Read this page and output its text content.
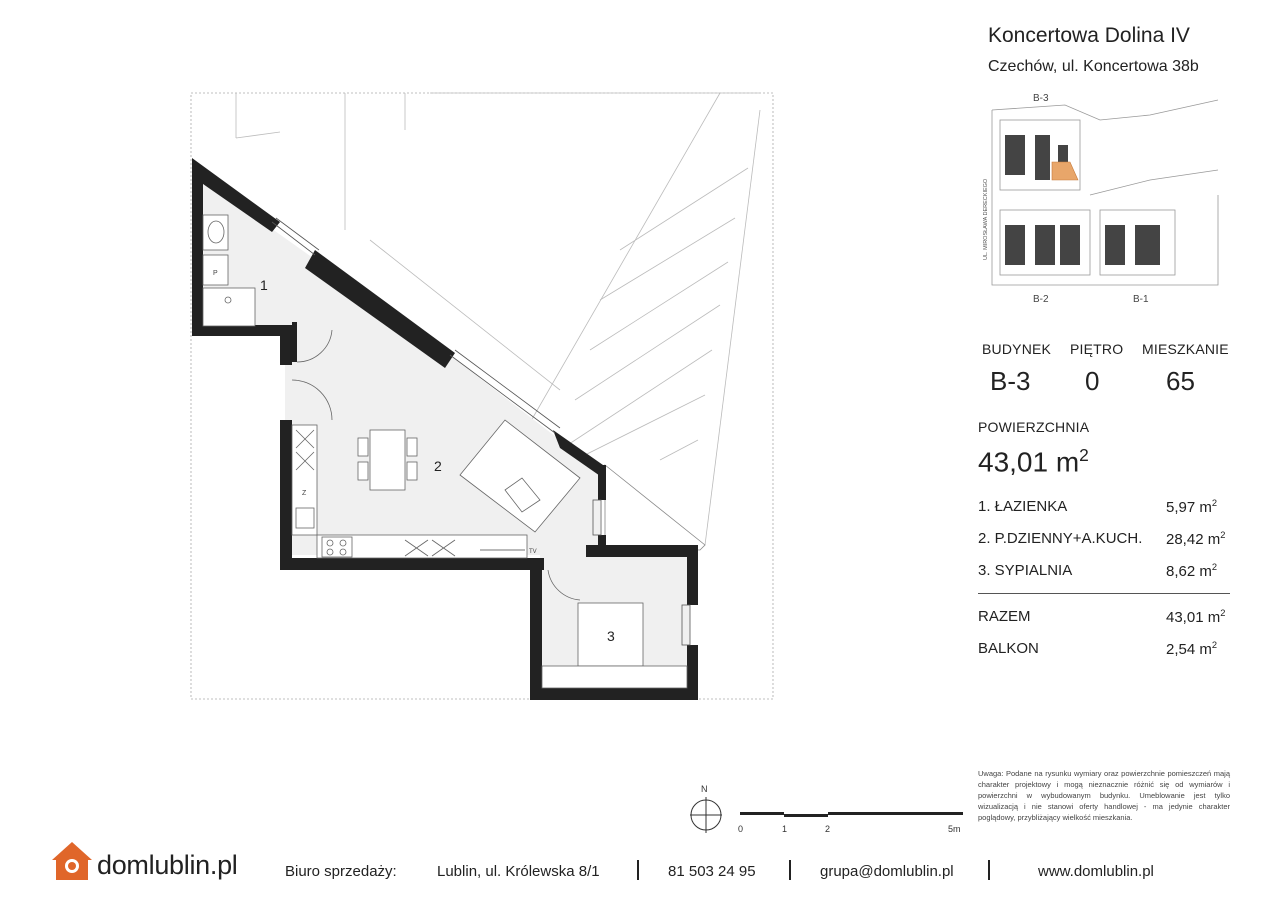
1
2
3
TV
Z
P
B-3
B-2	B-1
UL. MIROSŁAWA DERECKIEGO
Koncertowa Dolina IV
Czechów, ul. Koncertowa 38b
BUDYNEK PIĘTRO MIESZKANIE
B-3 0	65
POWIERZCHNIA
43,01 $m^2$
1. ŁAZIENKA	5,97 $m^2$
2. P.DZIENNY+A.KUCH. 28,42 $m^2$
3. SYPIALNIA	8,62 $m^2$
RAZEM	43,01 $m^2$
BALKON	2,54 $m^2$
Uwaga: Podane na rysunku wymiary oraz powierzchnie pomieszczeń mają charakter projektowy i mogą nieznacznie różnić się od wymiarów i powierzchni w wybudowanym budynku. Umeblowanie jest tylko wizualizacją i nie stanowi oferty handlowej - ma jedynie charakter poglądowy, przybliżający wielkość mieszkania.
N
0	1	2	5m
domlublin.pl	Biuro sprzedaży:	Lublin, ul. Królewska 8/1	81 503 24 95	grupa@domlublin.pl	www.domlublin.pl
